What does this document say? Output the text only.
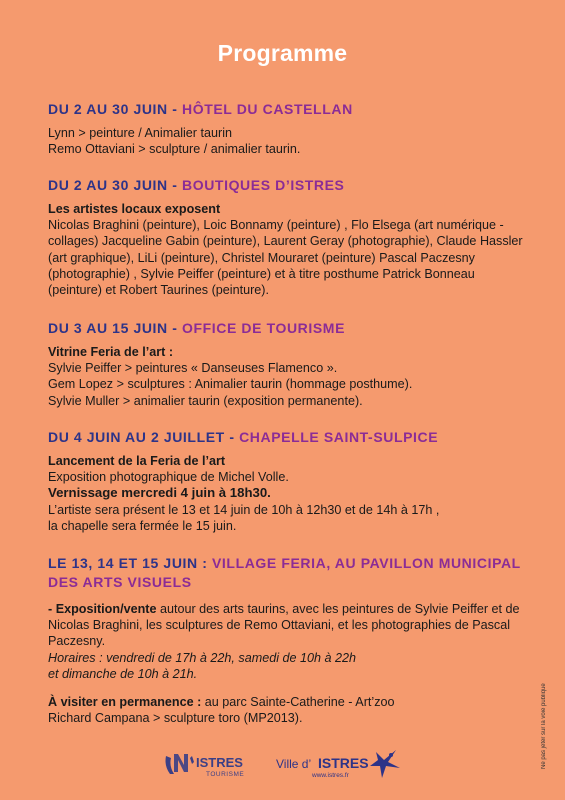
Programme
DU 2 AU 30 JUIN - HÔTEL DU CASTELLAN

Lynn > peinture / Animalier taurin

Remo Ottaviani > sculpture / animalier taurin.

DU 2 AU 30 JUIN - BOUTIQUES D’ISTRES

Les artistes locaux exposent

Nicolas Braghini (peinture), Loic Bonnamy (peinture) , Flo Elsega (art numérique - collages) Jacqueline Gabin (peinture), Laurent Geray (photographie), Claude Hassler (art graphique), LiLi (peinture), Christel Mouraret (peinture) Pascal Paczesny (photographie) , Sylvie Peiffer (peinture) et à titre posthume Patrick Bonneau (peinture) et Robert Taurines (peinture).

DU 3 AU 15 JUIN - OFFICE DE TOURISME

Vitrine Feria de l’art :

Sylvie Peiffer > peintures « Danseuses Flamenco ».

Gem Lopez > sculptures : Animalier taurin (hommage posthume).

Sylvie Muller > animalier taurin (exposition permanente).

DU 4 JUIN AU 2 JUILLET - CHAPELLE SAINT-SULPICE

Lancement de la Feria de l’art

Exposition photographique de Michel Volle.

Vernissage mercredi 4 juin à 18h30.

L’artiste sera présent le 13 et 14 juin de 10h à 12h30 et de 14h à 17h ,

la chapelle sera fermée le 15 juin.

LE 13, 14 ET 15 JUIN : VILLAGE FERIA, AU PAVILLON MUNICIPAL DES ARTS VISUELS

- Exposition/vente autour des arts taurins, avec les peintures de Sylvie Peiffer et de Nicolas Braghini, les sculptures de Remo Ottaviani, et les photographies de Pascal Paczesny.

Horaires : vendredi de 17h à 22h, samedi de 10h à 22h

et dimanche de 10h à 21h.

À visiter en permanence : au parc Sainte-Catherine - Art’zoo

Richard Campana > sculpture toro (MP2013).

ISTRES
TOURISME
Ville d’ ISTRES
www.istres.fr
Ne pas jeter sur la voie publique
